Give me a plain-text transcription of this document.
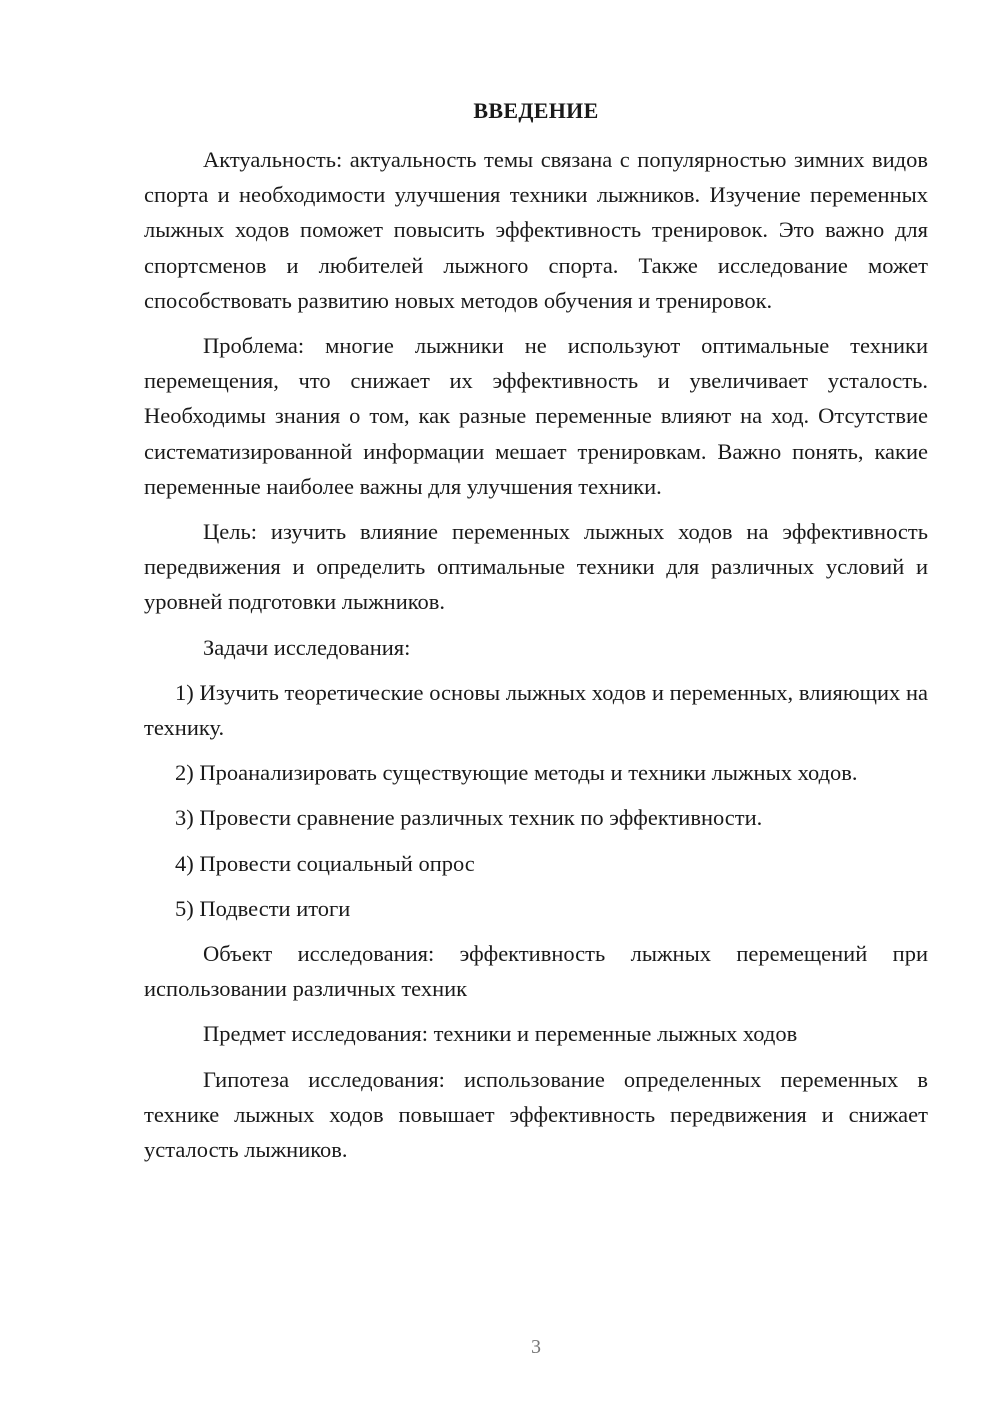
ВВЕДЕНИЕ

Актуальность: актуальность темы связана с популярностью зимних видов спорта и необходимости улучшения техники лыжников. Изучение переменных лыжных ходов поможет повысить эффективность тренировок. Это важно для спортсменов и любителей лыжного спорта. Также исследование может способствовать развитию новых методов обучения и тренировок.

Проблема: многие лыжники не используют оптимальные техники перемещения, что снижает их эффективность и увеличивает усталость. Необходимы знания о том, как разные переменные влияют на ход. Отсутствие систематизированной информации мешает тренировкам. Важно понять, какие переменные наиболее важны для улучшения техники.

Цель: изучить влияние переменных лыжных ходов на эффективность передвижения и определить оптимальные техники для различных условий и уровней подготовки лыжников.

Задачи исследования:

1) Изучить теоретические основы лыжных ходов и переменных, влияющих на технику.

2) Проанализировать существующие методы и техники лыжных ходов.

3) Провести сравнение различных техник по эффективности.

4) Провести социальный опрос

5) Подвести итоги

Объект исследования: эффективность лыжных перемещений при использовании различных техник

Предмет исследования: техники и переменные лыжных ходов

Гипотеза исследования: использование определенных переменных в технике лыжных ходов повышает эффективность передвижения и снижает усталость лыжников.

3
